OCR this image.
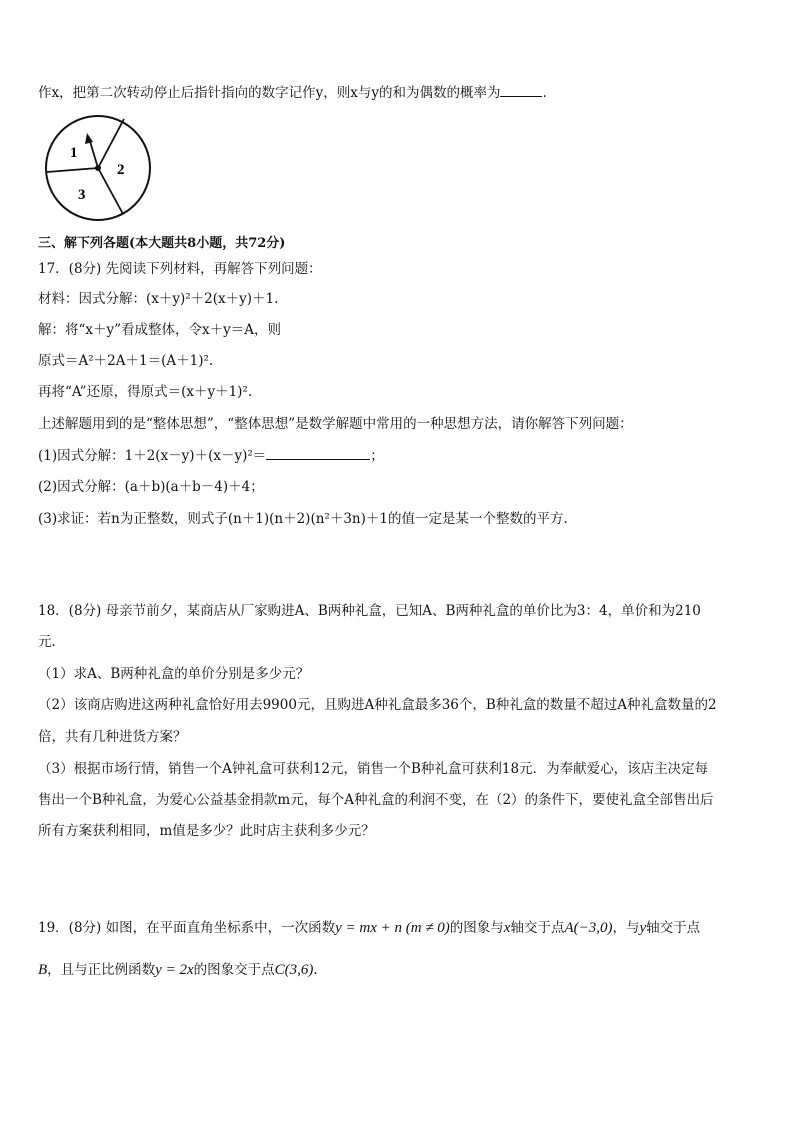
作x，把第二次转动停止后指针指向的数字记作y，则x与y的和为偶数的概率为	.
1
2
3
三、解下列各题(本大题共8小题，共72分)
17．(8分) 先阅读下列材料，再解答下列问题：
材料：因式分解：(x＋y)²＋2(x＋y)＋1.
解：将“x＋y”看成整体，令x＋y＝A，则
原式＝A²＋2A＋1＝(A＋1)².
再将“A”还原，得原式＝(x＋y＋1)².
上述解题用到的是“整体思想”，“整体思想”是数学解题中常用的一种思想方法，请你解答下列问题：
(1)因式分解：1＋2(x－y)＋(x－y)²＝	；
(2)因式分解：(a＋b)(a＋b－4)＋4；
(3)求证：若n为正整数，则式子(n＋1)(n＋2)(n²＋3n)＋1的值一定是某一个整数的平方.
18．(8分) 母亲节前夕，某商店从厂家购进A、B两种礼盒，已知A、B两种礼盒的单价比为3：4，单价和为210
元.
（1）求A、B两种礼盒的单价分别是多少元？
（2）该商店购进这两种礼盒恰好用去9900元，且购进A种礼盒最多36个，B种礼盒的数量不超过A种礼盒数量的2
倍，共有几种进货方案？
（3）根据市场行情，销售一个A钟礼盒可获利12元，销售一个B种礼盒可获利18元．为奉献爱心，该店主决定每
售出一个B种礼盒，为爱心公益基金捐款m元，每个A种礼盒的利润不变，在（2）的条件下，要使礼盒全部售出后
所有方案获利相同，m值是多少？此时店主获利多少元？
19．(8分) 如图，在平面直角坐标系中，一次函数y = mx + n (m ≠ 0)的图象与x轴交于点A(−3,0)，与y轴交于点
B，且与正比例函数y = 2x的图象交于点C(3,6).
